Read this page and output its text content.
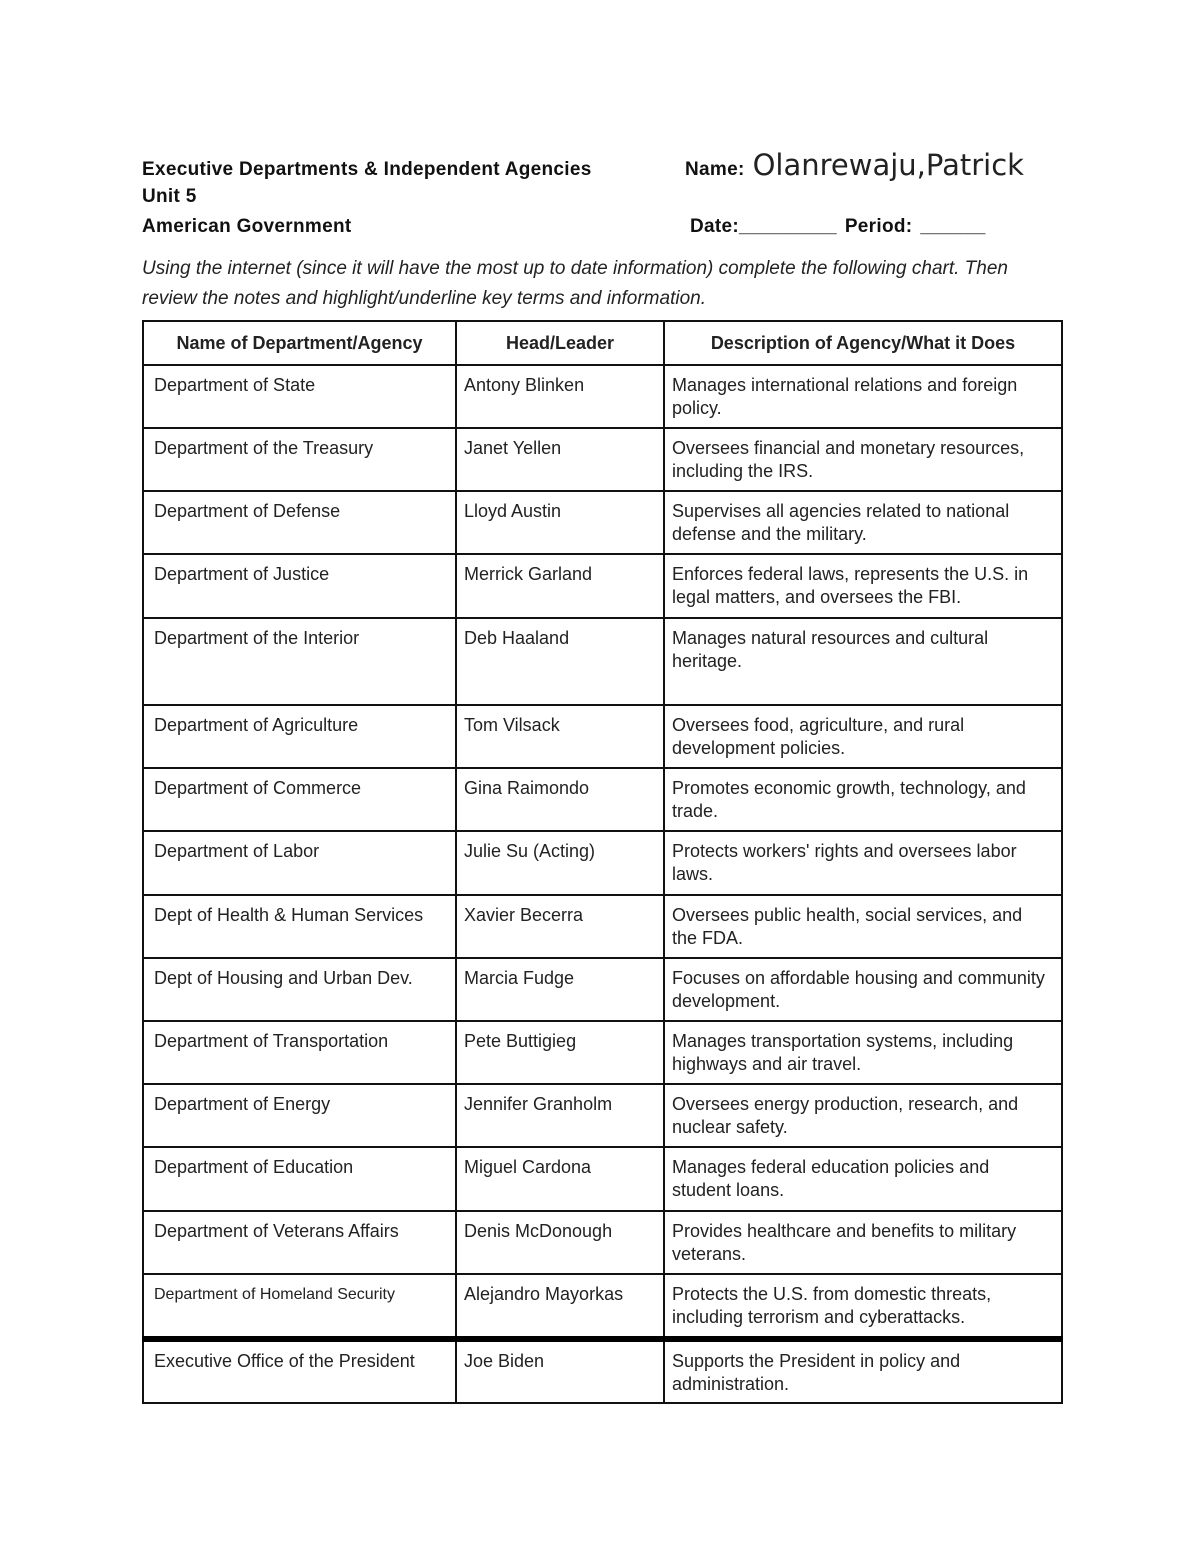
Executive Departments & Independent Agencies	Name: Olanrewaju,Patrick
Unit 5
American Government	Date: _________ Period: ______
Using the internet (since it will have the most up to date information) complete the following chart. Then review the notes and highlight/underline key terms and information.
Name of Department/Agency	Head/Leader	Description of Agency/What it Does
Department of State	Antony Blinken	Manages international relations and foreign policy.
Department of the Treasury	Janet Yellen	Oversees financial and monetary resources, including the IRS.
Department of Defense	Lloyd Austin	Supervises all agencies related to national defense and the military.
Department of Justice	Merrick Garland	Enforces federal laws, represents the U.S. in legal matters, and oversees the FBI.
Department of the Interior	Deb Haaland	Manages natural resources and cultural heritage.
Department of Agriculture	Tom Vilsack	Oversees food, agriculture, and rural development policies.
Department of Commerce	Gina Raimondo	Promotes economic growth, technology, and trade.
Department of Labor	Julie Su (Acting)	Protects workers' rights and oversees labor laws.
Dept of Health & Human Services	Xavier Becerra	Oversees public health, social services, and the FDA.
Dept of Housing and Urban Dev.	Marcia Fudge	Focuses on affordable housing and community development.
Department of Transportation	Pete Buttigieg	Manages transportation systems, including highways and air travel.
Department of Energy	Jennifer Granholm	Oversees energy production, research, and nuclear safety.
Department of Education	Miguel Cardona	Manages federal education policies and student loans.
Department of Veterans Affairs	Denis McDonough	Provides healthcare and benefits to military veterans.
Department of Homeland Security	Alejandro Mayorkas	Protects the U.S. from domestic threats, including terrorism and cyberattacks.
Executive Office of the President	Joe Biden	Supports the President in policy and administration.
